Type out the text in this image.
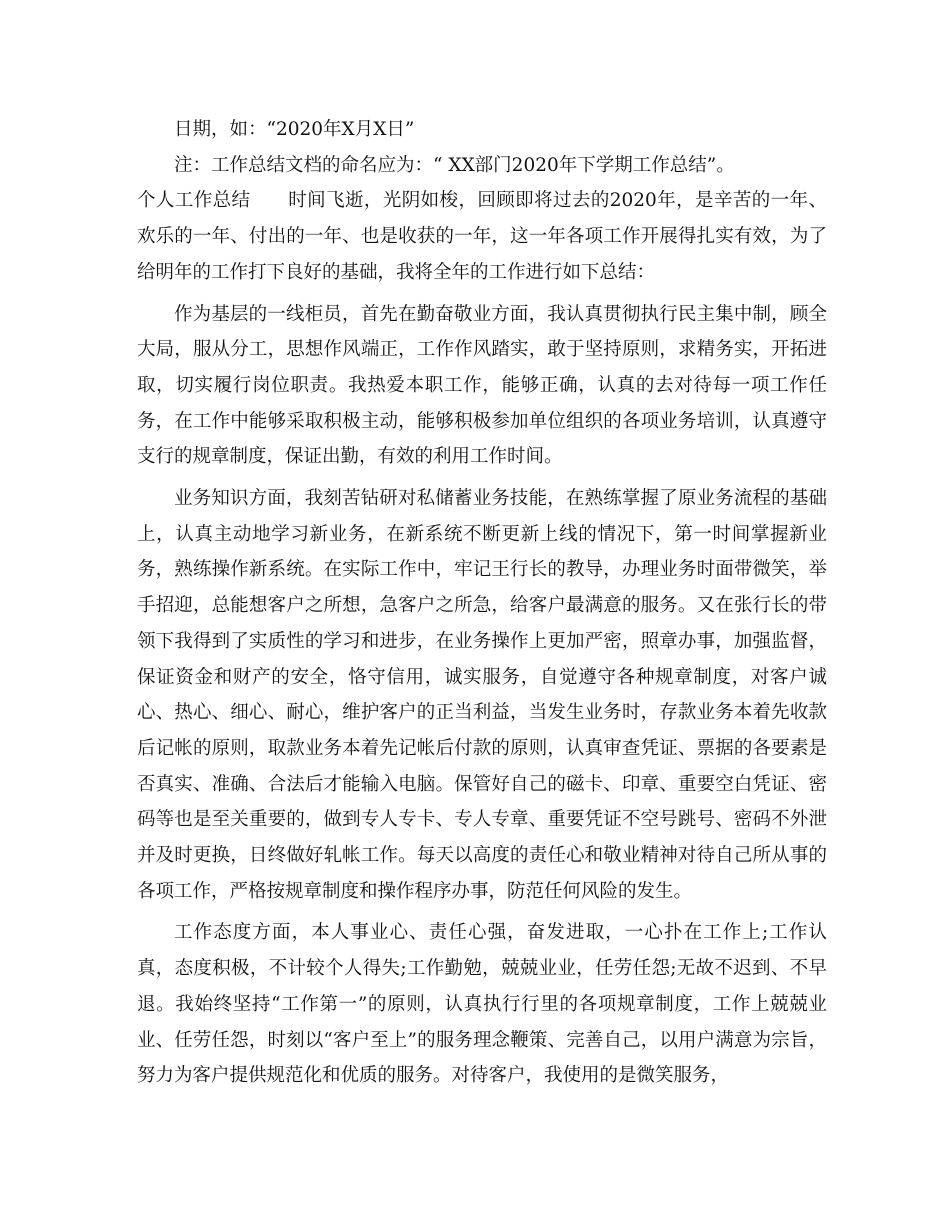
日期，如：“2020年X月X日”

注：工作总结文档的命名应为：“ XX部门2020年下学期工作总结”。

个人工作总结　　时间飞逝，光阴如梭，回顾即将过去的2020年，是辛苦的一年、欢乐的一年、付出的一年、也是收获的一年，这一年各项工作开展得扎实有效，为了给明年的工作打下良好的基础，我将全年的工作进行如下总结：

作为基层的一线柜员，首先在勤奋敬业方面，我认真贯彻执行民主集中制，顾全大局，服从分工，思想作风端正，工作作风踏实，敢于坚持原则，求精务实，开拓进取，切实履行岗位职责。我热爱本职工作，能够正确，认真的去对待每一项工作任务，在工作中能够采取积极主动，能够积极参加单位组织的各项业务培训，认真遵守支行的规章制度，保证出勤，有效的利用工作时间。

业务知识方面，我刻苦钻研对私储蓄业务技能，在熟练掌握了原业务流程的基础上，认真主动地学习新业务，在新系统不断更新上线的情况下，第一时间掌握新业务，熟练操作新系统。在实际工作中，牢记王行长的教导，办理业务时面带微笑，举手招迎，总能想客户之所想，急客户之所急，给客户最满意的服务。又在张行长的带领下我得到了实质性的学习和进步，在业务操作上更加严密，照章办事，加强监督，保证资金和财产的安全，恪守信用，诚实服务，自觉遵守各种规章制度，对客户诚心、热心、细心、耐心，维护客户的正当利益，当发生业务时，存款业务本着先收款后记帐的原则，取款业务本着先记帐后付款的原则，认真审查凭证、票据的各要素是否真实、准确、合法后才能输入电脑。保管好自己的磁卡、印章、重要空白凭证、密码等也是至关重要的，做到专人专卡、专人专章、重要凭证不空号跳号、密码不外泄并及时更换，日终做好轧帐工作。每天以高度的责任心和敬业精神对待自己所从事的各项工作，严格按规章制度和操作程序办事，防范任何风险的发生。

工作态度方面，本人事业心、责任心强，奋发进取，一心扑在工作上;工作认真，态度积极，不计较个人得失;工作勤勉，兢兢业业，任劳任怨;无故不迟到、不早退。我始终坚持“工作第一”的原则，认真执行行里的各项规章制度，工作上兢兢业业、任劳任怨，时刻以“客户至上”的服务理念鞭策、完善自己，以用户满意为宗旨，努力为客户提供规范化和优质的服务。对待客户，我使用的是微笑服务，
